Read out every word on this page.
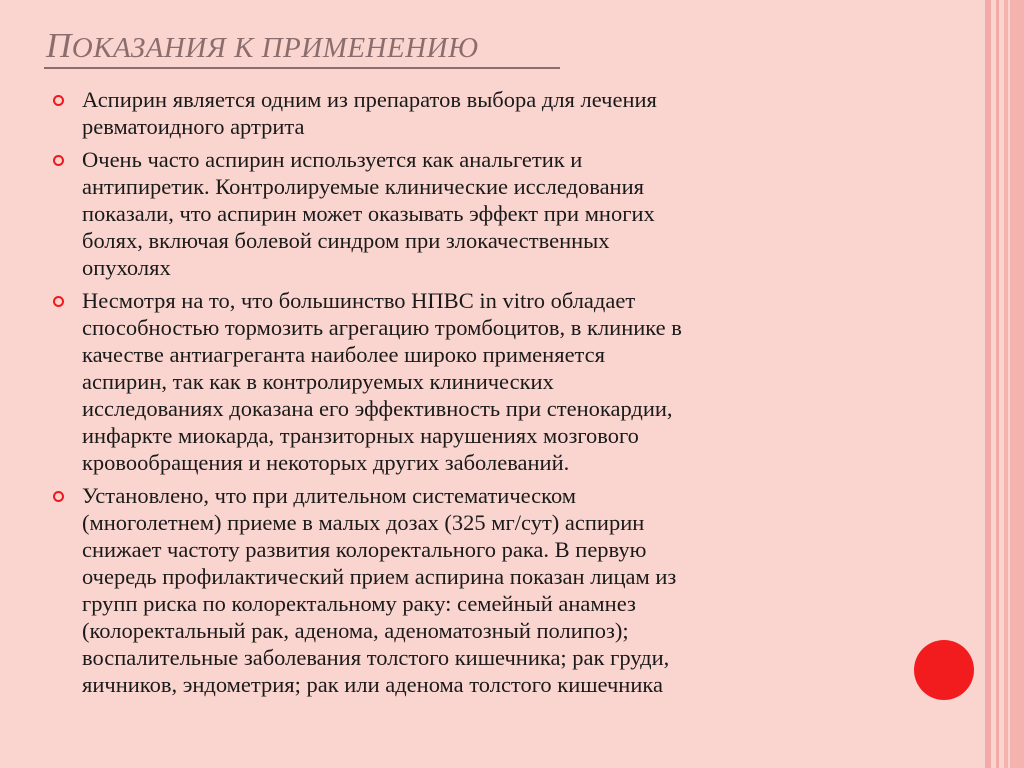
ПОКАЗАНИЯ К ПРИМЕНЕНИЮ
Аспирин является одним из препаратов выбора для лечения
ревматоидного артрита
Очень часто аспирин используется как анальгетик и
антипиретик. Контролируемые клинические исследования
показали, что аспирин может оказывать эффект при многих
болях, включая болевой синдром при злокачественных
опухолях
Несмотря на то, что большинство НПВС in vitro обладает
способностью тормозить агрегацию тромбоцитов, в клинике в
качестве антиагреганта наиболее широко применяется
аспирин, так как в контролируемых клинических
исследованиях доказана его эффективность при стенокардии,
инфаркте миокарда, транзиторных нарушениях мозгового
кровообращения и некоторых других заболеваний.
Установлено, что при длительном систематическом
(многолетнем) приеме в малых дозах (325 мг/сут) аспирин
снижает частоту развития колоректального рака. В первую
очередь профилактический прием аспирина показан лицам из
групп риска по колоректальному раку: семейный анамнез
(колоректальный рак, аденома, аденоматозный полипоз);
воспалительные заболевания толстого кишечника; рак груди,
яичников, эндометрия; рак или аденома толстого кишечника
